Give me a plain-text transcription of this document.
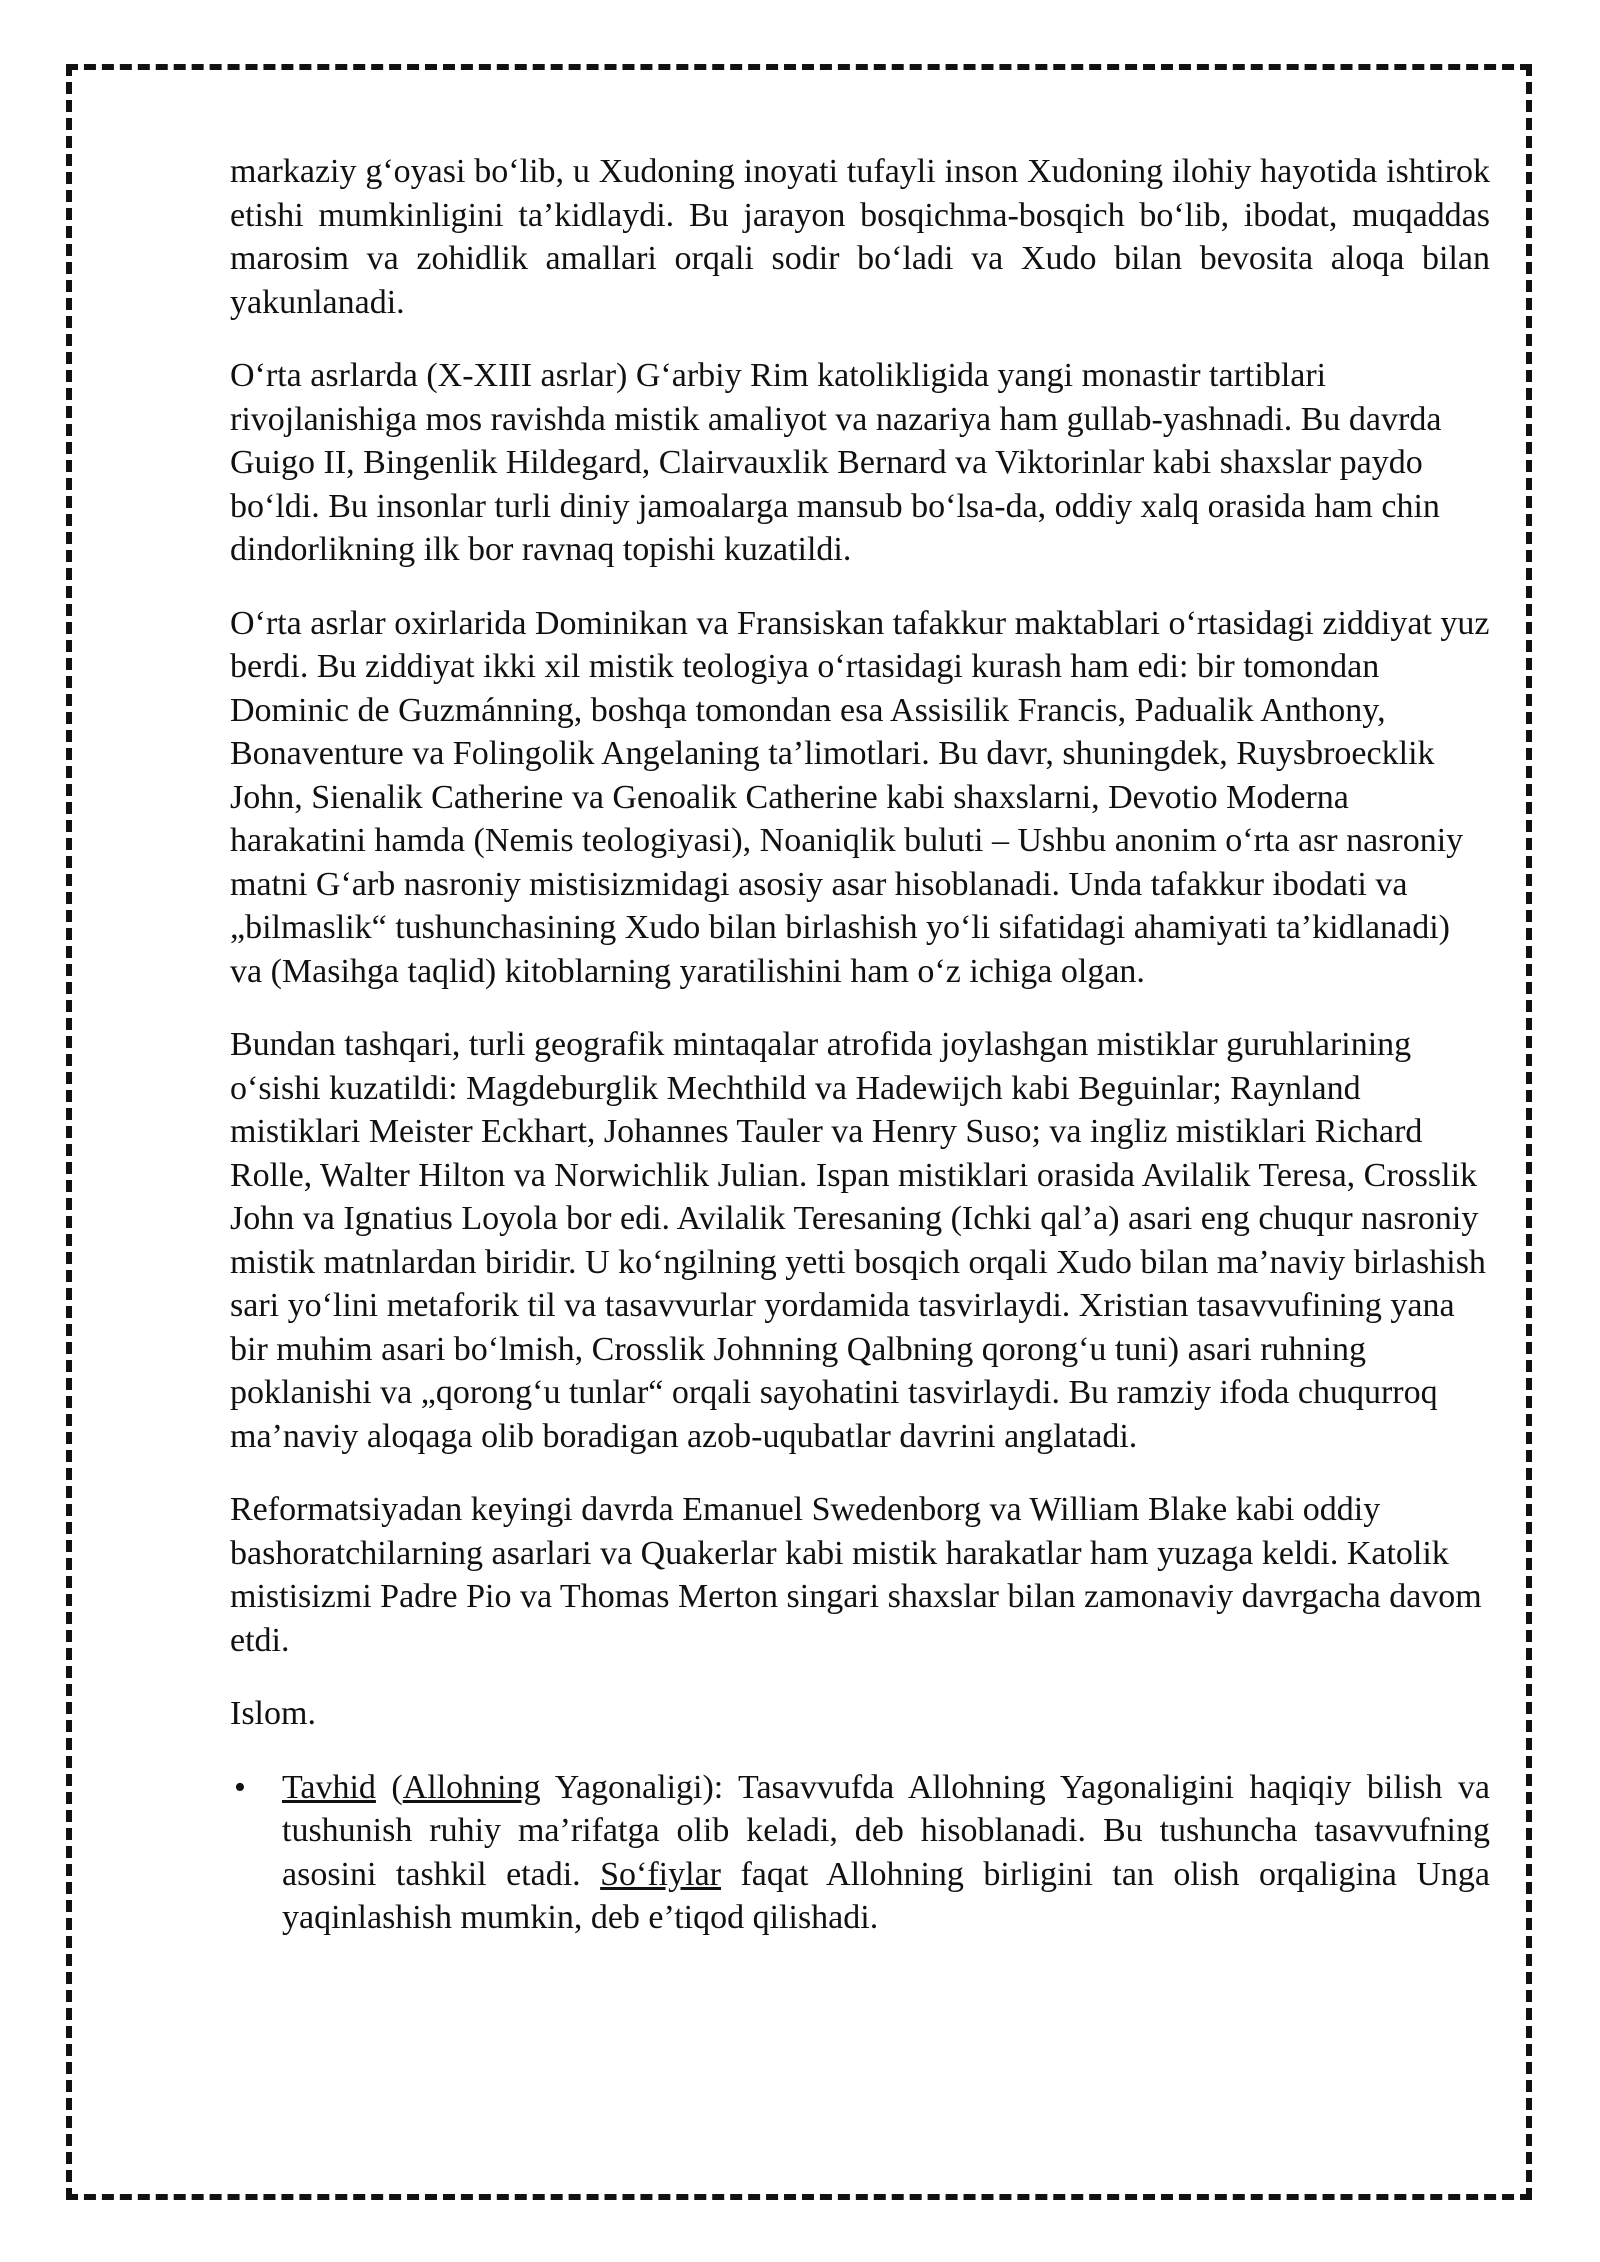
markaziy g‘oyasi bo‘lib, u Xudoning inoyati tufayli inson Xudoning ilohiy hayotida ishtirok etishi mumkinligini ta’kidlaydi. Bu jarayon bosqichma-bosqich bo‘lib, ibodat, muqaddas marosim va zohidlik amallari orqali sodir bo‘ladi va Xudo bilan bevosita aloqa bilan yakunlanadi.

O‘rta asrlarda (X-XIII asrlar) G‘arbiy Rim katolikligida yangi monastir tartiblari rivojlanishiga mos ravishda mistik amaliyot va nazariya ham gullab-yashnadi. Bu davrda Guigo II, Bingenlik Hildegard, Clairvauxlik Bernard va Viktorinlar kabi shaxslar paydo bo‘ldi. Bu insonlar turli diniy jamoalarga mansub bo‘lsa-da, oddiy xalq orasida ham chin dindorlikning ilk bor ravnaq topishi kuzatildi.

O‘rta asrlar oxirlarida Dominikan va Fransiskan tafakkur maktablari o‘rtasidagi ziddiyat yuz berdi. Bu ziddiyat ikki xil mistik teologiya o‘rtasidagi kurash ham edi: bir tomondan Dominic de Guzmánning, boshqa tomondan esa Assisilik Francis, Padualik Anthony, Bonaventure va Folingolik Angelaning ta’limotlari. Bu davr, shuningdek, Ruysbroecklik John, Sienalik Catherine va Genoalik Catherine kabi shaxslarni, Devotio Moderna harakatini hamda (Nemis teologiyasi), Noaniqlik buluti – Ushbu anonim o‘rta asr nasroniy matni G‘arb nasroniy mistisizmidagi asosiy asar hisoblanadi. Unda tafakkur ibodati va „bilmaslik“ tushunchasining Xudo bilan birlashish yo‘li sifatidagi ahamiyati ta’kidlanadi) va (Masihga taqlid) kitoblarning yaratilishini ham o‘z ichiga olgan.

Bundan tashqari, turli geografik mintaqalar atrofida joylashgan mistiklar guruhlarining o‘sishi kuzatildi: Magdeburglik Mechthild va Hadewijch kabi Beguinlar; Raynland mistiklari Meister Eckhart, Johannes Tauler va Henry Suso; va ingliz mistiklari Richard Rolle, Walter Hilton va Norwichlik Julian. Ispan mistiklari orasida Avilalik Teresa, Crosslik John va Ignatius Loyola bor edi. Avilalik Teresaning (Ichki qal’a) asari eng chuqur nasroniy mistik matnlardan biridir. U ko‘ngilning yetti bosqich orqali Xudo bilan ma’naviy birlashish sari yo‘lini metaforik til va tasavvurlar yordamida tasvirlaydi. Xristian tasavvufining yana bir muhim asari bo‘lmish, Crosslik Johnning Qalbning qorong‘u tuni) asari ruhning poklanishi va „qorong‘u tunlar“ orqali sayohatini tasvirlaydi. Bu ramziy ifoda chuqurroq ma’naviy aloqaga olib boradigan azob-uqubatlar davrini anglatadi.

Reformatsiyadan keyingi davrda Emanuel Swedenborg va William Blake kabi oddiy bashoratchilarning asarlari va Quakerlar kabi mistik harakatlar ham yuzaga keldi. Katolik mistisizmi Padre Pio va Thomas Merton singari shaxslar bilan zamonaviy davrgacha davom etdi.

Islom.

• Tavhid (Allohning Yagonaligi): Tasavvufda Allohning Yagonaligini haqiqiy bilish va tushunish ruhiy ma’rifatga olib keladi, deb hisoblanadi. Bu tushuncha tasavvufning asosini tashkil etadi. So‘fiylar faqat Allohning birligini tan olish orqaligina Unga yaqinlashish mumkin, deb e’tiqod qilishadi.
